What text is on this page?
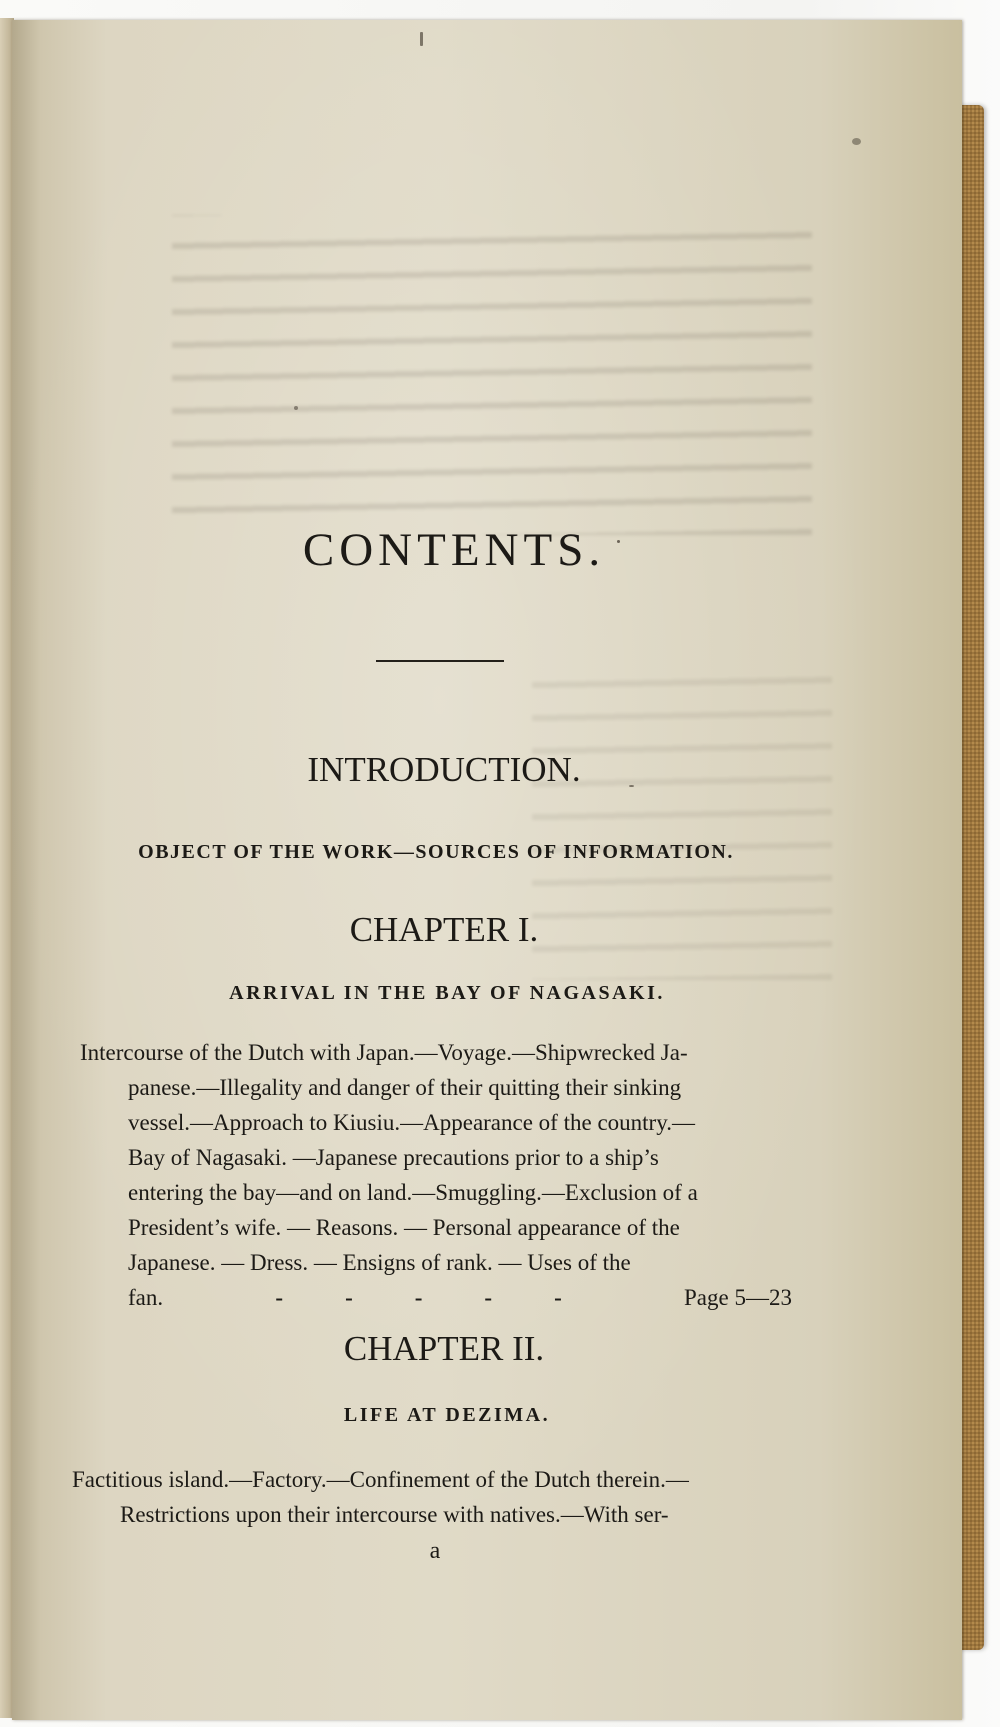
CONTENTS.
INTRODUCTION.

OBJECT OF THE WORK—SOURCES OF INFORMATION.

CHAPTER I.

ARRIVAL IN THE BAY OF NAGASAKI.

Intercourse of the Dutch with Japan.—Voyage.—Shipwrecked Ja-
panese.—Illegality and danger of their quitting their sinking
vessel.—Approach to Kiusiu.—Appearance of the country.—
Bay of Nagasaki. —Japanese precautions prior to a ship’s
entering the bay—and on land.—Smuggling.—Exclusion of a
President’s wife. — Reasons. — Personal appearance of the
Japanese. — Dress. — Ensigns of rank. — Uses of the
fan.	-	-	-	-	-	Page 5—23
CHAPTER II.

LIFE AT DEZIMA.

Factitious island.—Factory.—Confinement of the Dutch therein.—
Restrictions upon their intercourse with natives.—With ser-

a
